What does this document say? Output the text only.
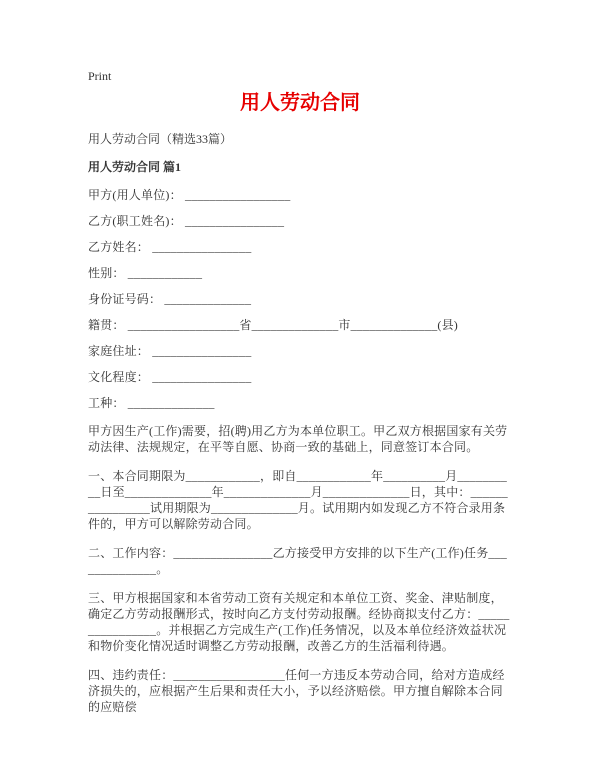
Print
用人劳动合同

用人劳动合同（精选33篇）

用人劳动合同 篇1

甲方(用人单位)： _________________

乙方(职工姓名)： ________________

乙方姓名： ________________

性别： ____________

身份证号码： ______________

籍贯： __________________省______________市______________(县)

家庭住址： ________________

文化程度： ________________

工种： ______________

甲方因生产(工作)需要，招(聘)用乙方为本单位职工。甲乙双方根据国家有关劳动法律、法规规定，在平等自愿、协商一致的基础上，同意签订本合同。

一、本合同期限为____________，即自____________年__________月__________日至______________年______________月______________日，其中：________________试用期限为______________月。试用期内如发现乙方不符合录用条件的，甲方可以解除劳动合同。

二、工作内容：________________乙方接受甲方安排的以下生产(工作)任务______________。

三、甲方根据国家和本省劳动工资有关规定和本单位工资、奖金、津贴制度，确定乙方劳动报酬形式，按时向乙方支付劳动报酬。经协商拟支付乙方：________________。并根据乙方完成生产(工作)任务情况，以及本单位经济效益状况和物价变化情况适时调整乙方劳动报酬，改善乙方的生活福利待遇。

四、违约责任：__________________任何一方违反本劳动合同，给对方造成经济损失的，应根据产生后果和责任大小，予以经济赔偿。甲方擅自解除本合同的应赔偿
